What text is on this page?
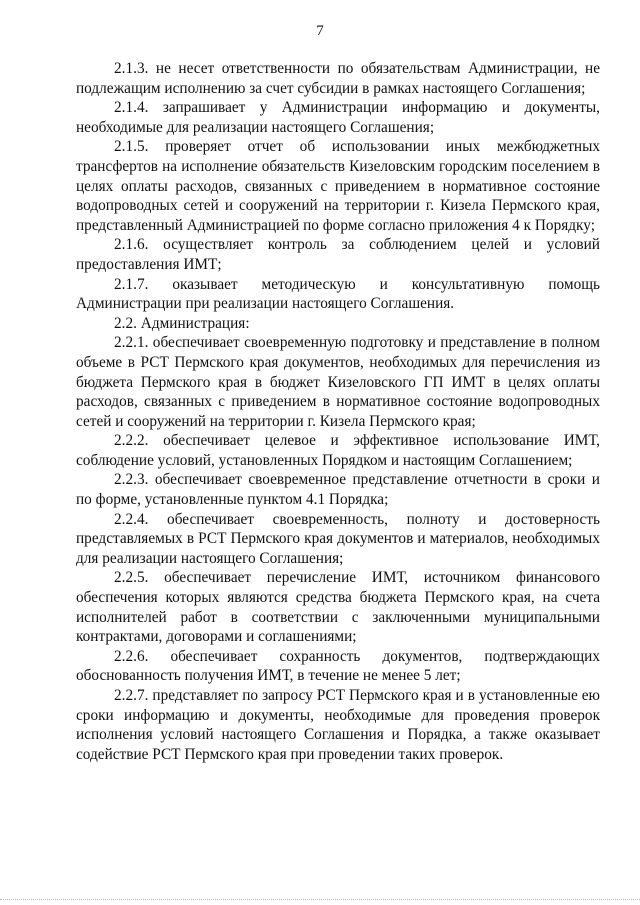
7

2.1.3. не несет ответственности по обязательствам Администрации, не подлежащим исполнению за счет субсидии в рамках настоящего Соглашения;

2.1.4. запрашивает у Администрации информацию и документы, необходимые для реализации настоящего Соглашения;

2.1.5. проверяет отчет об использовании иных межбюджетных трансфертов на исполнение обязательств Кизеловским городским поселением в целях оплаты расходов, связанных с приведением в нормативное состояние водопроводных сетей и сооружений на территории г. Кизела Пермского края, представленный Администрацией по форме согласно приложения 4 к Порядку;

2.1.6. осуществляет контроль за соблюдением целей и условий предоставления ИМТ;

2.1.7. оказывает методическую и консультативную помощь Администрации при реализации настоящего Соглашения.

2.2. Администрация:

2.2.1. обеспечивает своевременную подготовку и представление в полном объеме в РСТ Пермского края документов, необходимых для перечисления из бюджета Пермского края в бюджет Кизеловского ГП ИМТ в целях оплаты расходов, связанных с приведением в нормативное состояние водопроводных сетей и сооружений на территории г. Кизела Пермского края;

2.2.2. обеспечивает целевое и эффективное использование ИМТ, соблюдение условий, установленных Порядком и настоящим Соглашением;

2.2.3. обеспечивает своевременное представление отчетности в сроки и по форме, установленные пунктом 4.1 Порядка;

2.2.4. обеспечивает своевременность, полноту и достоверность представляемых в РСТ Пермского края документов и материалов, необходимых для реализации настоящего Соглашения;

2.2.5. обеспечивает перечисление ИМТ, источником финансового обеспечения которых являются средства бюджета Пермского края, на счета исполнителей работ в соответствии с заключенными муниципальными контрактами, договорами и соглашениями;

2.2.6. обеспечивает сохранность документов, подтверждающих обоснованность получения ИМТ, в течение не менее 5 лет;

2.2.7. представляет по запросу РСТ Пермского края и в установленные ею сроки информацию и документы, необходимые для проведения проверок исполнения условий настоящего Соглашения и Порядка, а также оказывает содействие РСТ Пермского края при проведении таких проверок.
